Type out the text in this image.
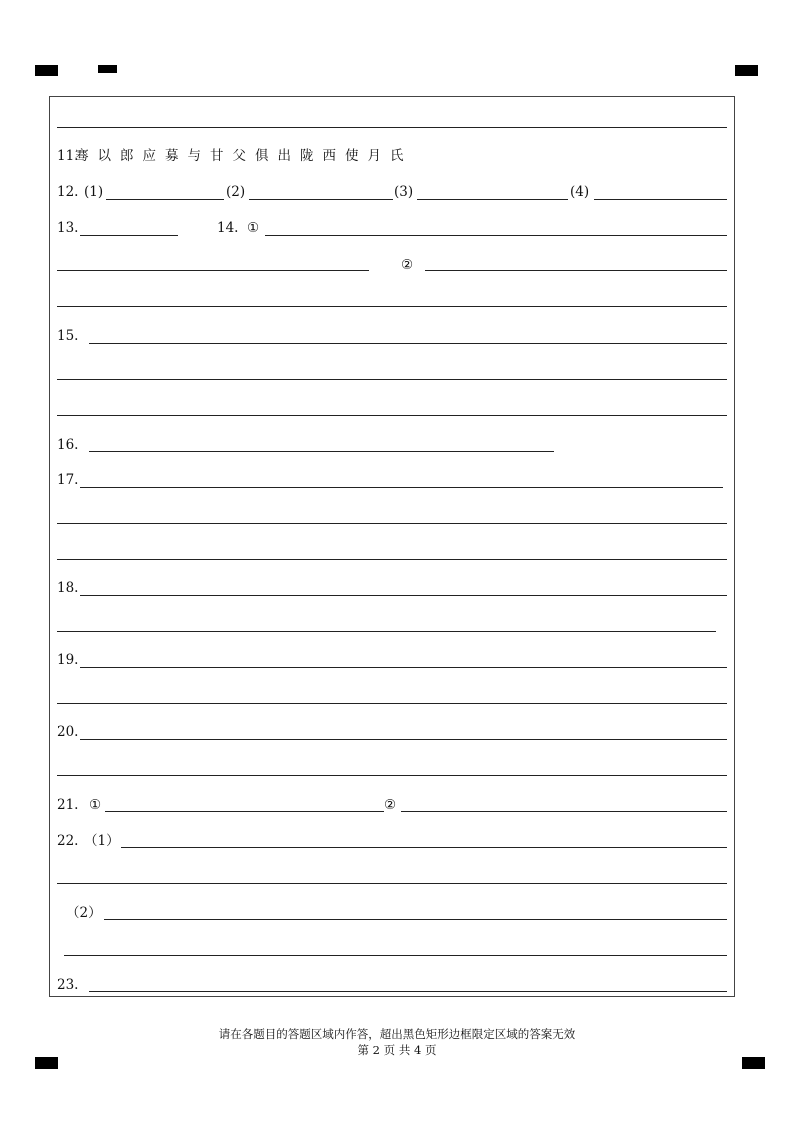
11.
骞以郎应募与甘父俱出陇西使月氏
12. (1)	(2)	(3)	(4)
13.	14. ①
②
15.
16.
17.
18.
19.
20.
21. ①	②
22. （1）
（2）
23.
请在各题目的答题区域内作答，超出黑色矩形边框限定区域的答案无效
第 2 页 共 4 页
